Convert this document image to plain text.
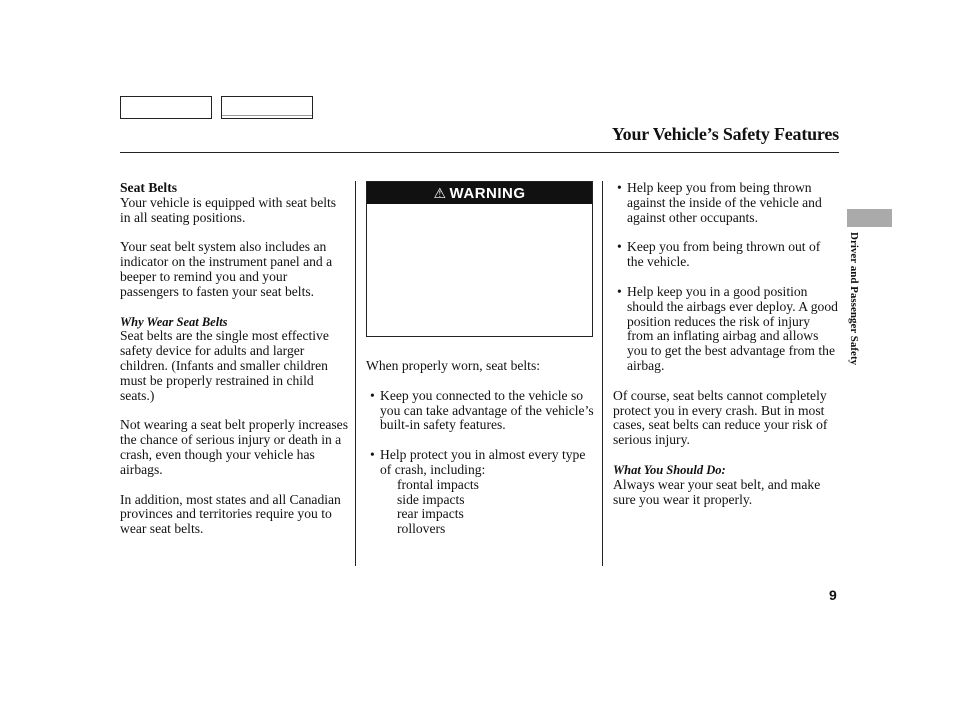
Your Vehicle’s Safety Features

Seat Belts

Your vehicle is equipped with seat belts in all seating positions.

Your seat belt system also includes an indicator on the instrument panel and a beeper to remind you and your passengers to fasten your seat belts.

Why Wear Seat Belts

Seat belts are the single most effective safety device for adults and larger children. (Infants and smaller children must be properly restrained in child seats.)

Not wearing a seat belt properly increases the chance of serious injury or death in a crash, even though your vehicle has airbags.

In addition, most states and all Canadian provinces and territories require you to wear seat belts.

⚠ WARNING

When properly worn, seat belts:

• Keep you connected to the vehicle so you can take advantage of the vehicle’s built-in safety features.

• Help protect you in almost every type of crash, including:

frontal impacts

side impacts

rear impacts

rollovers

• Help keep you from being thrown against the inside of the vehicle and against other occupants.

• Keep you from being thrown out of the vehicle.

• Help keep you in a good position should the airbags ever deploy. A good position reduces the risk of injury from an inflating airbag and allows you to get the best advantage from the airbag.

Of course, seat belts cannot completely protect you in every crash. But in most cases, seat belts can reduce your risk of serious injury.

What You Should Do:

Always wear your seat belt, and make sure you wear it properly.

Driver and Passenger Safety
9
